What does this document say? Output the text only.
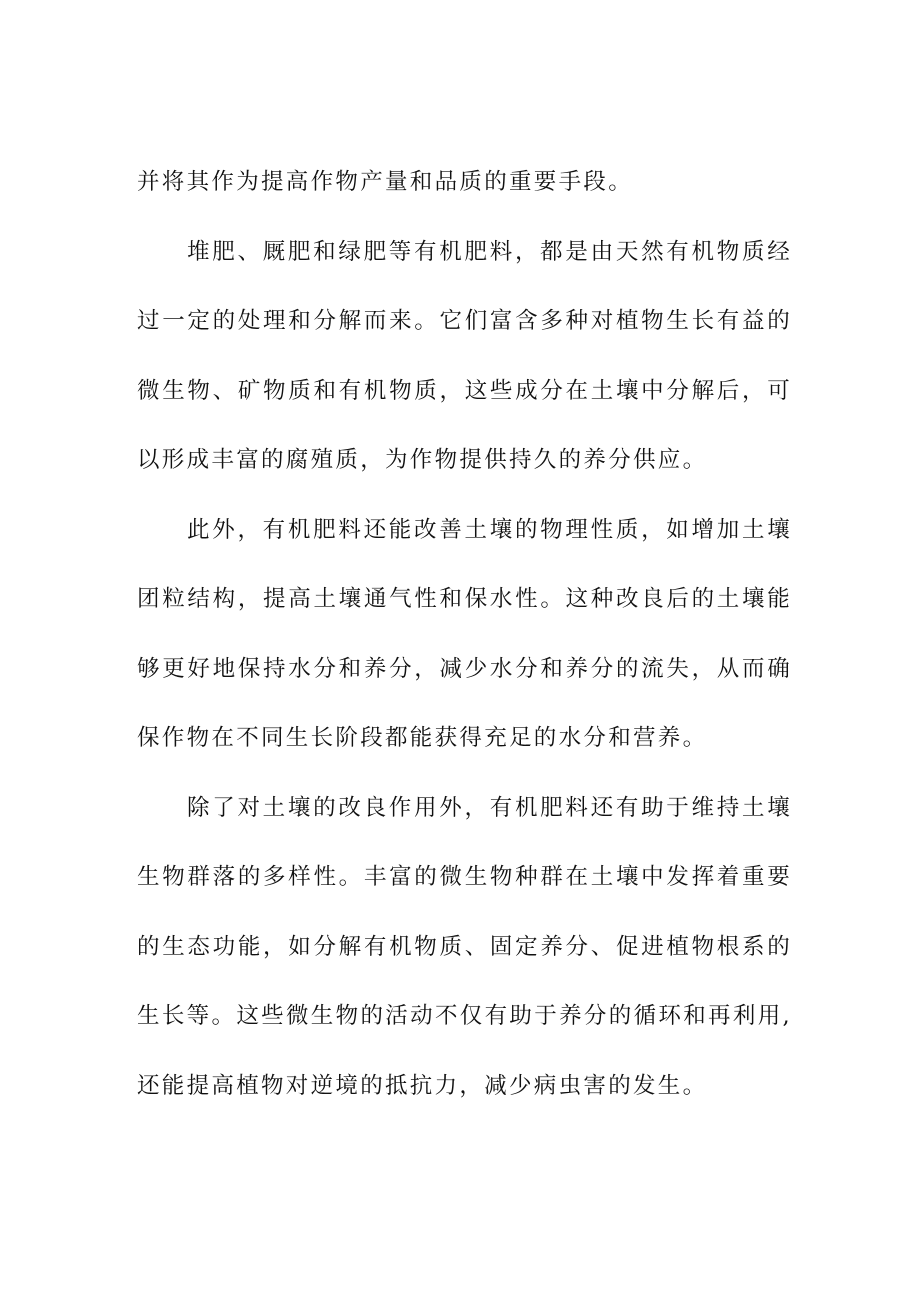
并将其作为提高作物产量和品质的重要手段。

堆肥、厩肥和绿肥等有机肥料，都是由天然有机物质经过一定的处理和分解而来。它们富含多种对植物生长有益的微生物、矿物质和有机物质，这些成分在土壤中分解后，可以形成丰富的腐殖质，为作物提供持久的养分供应。

此外，有机肥料还能改善土壤的物理性质，如增加土壤团粒结构，提高土壤通气性和保水性。这种改良后的土壤能够更好地保持水分和养分，减少水分和养分的流失，从而确保作物在不同生长阶段都能获得充足的水分和营养。

除了对土壤的改良作用外，有机肥料还有助于维持土壤生物群落的多样性。丰富的微生物种群在土壤中发挥着重要的生态功能，如分解有机物质、固定养分、促进植物根系的生长等。这些微生物的活动不仅有助于养分的循环和再利用,还能提高植物对逆境的抵抗力，减少病虫害的发生。
